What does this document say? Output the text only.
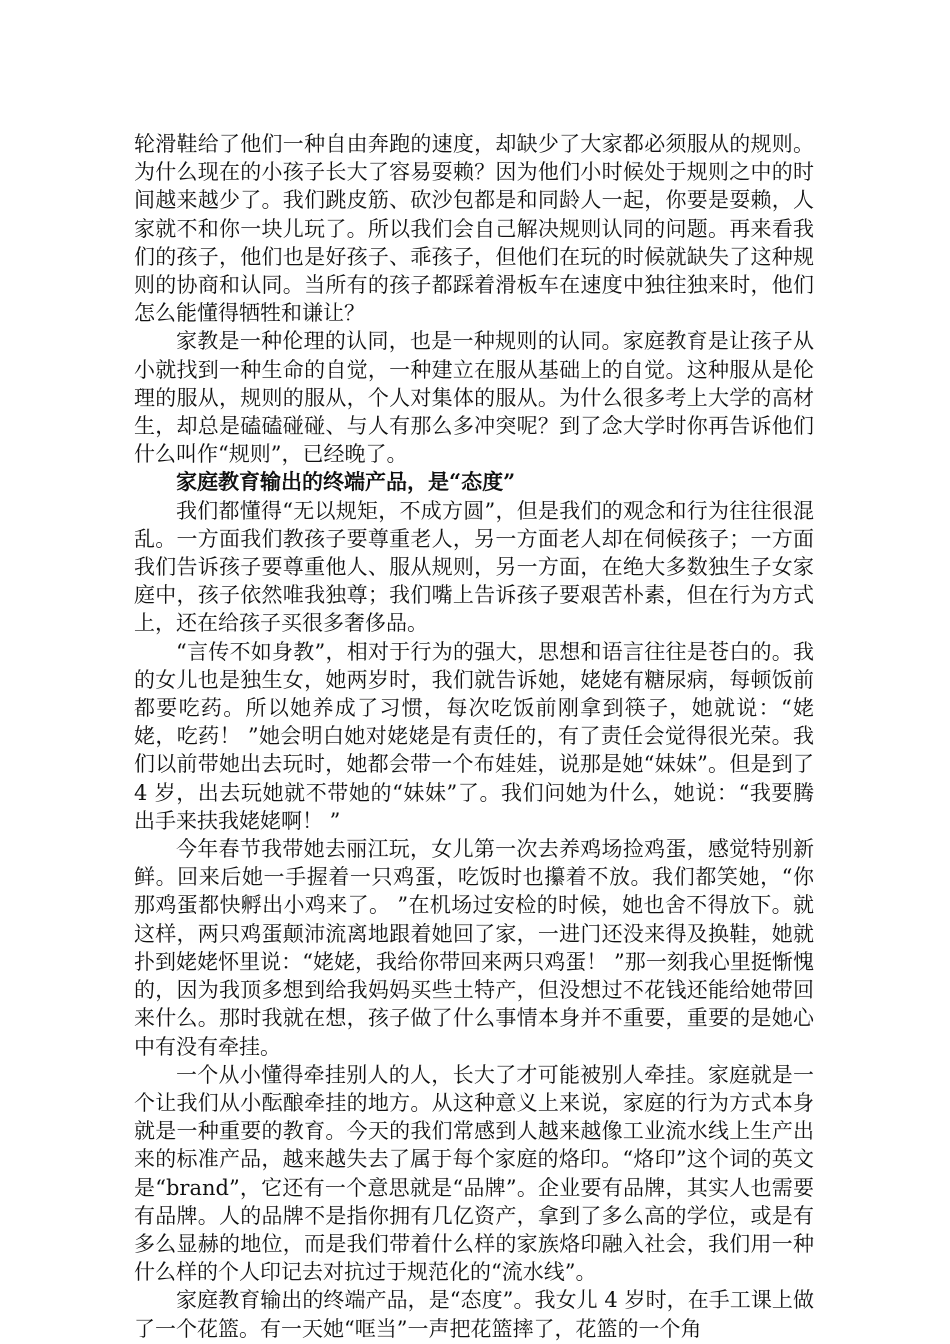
轮滑鞋给了他们一种自由奔跑的速度，却缺少了大家都必须服从的规则。为什么现在的小孩子长大了容易耍赖？因为他们小时候处于规则之中的时间越来越少了。我们跳皮筋、砍沙包都是和同龄人一起，你要是耍赖，人家就不和你一块儿玩了。所以我们会自己解决规则认同的问题。再来看我们的孩子，他们也是好孩子、乖孩子，但他们在玩的时候就缺失了这种规则的协商和认同。当所有的孩子都踩着滑板车在速度中独往独来时，他们怎么能懂得牺牲和谦让？

家教是一种伦理的认同，也是一种规则的认同。家庭教育是让孩子从小就找到一种生命的自觉，一种建立在服从基础上的自觉。这种服从是伦理的服从，规则的服从，个人对集体的服从。为什么很多考上大学的高材生，却总是磕磕碰碰、与人有那么多冲突呢？到了念大学时你再告诉他们什么叫作“规则”，已经晚了。

家庭教育输出的终端产品，是“态度”

我们都懂得“无以规矩，不成方圆”，但是我们的观念和行为往往很混乱。一方面我们教孩子要尊重老人，另一方面老人却在伺候孩子；一方面我们告诉孩子要尊重他人、服从规则，另一方面，在绝大多数独生子女家庭中，孩子依然唯我独尊；我们嘴上告诉孩子要艰苦朴素，但在行为方式上，还在给孩子买很多奢侈品。

“言传不如身教”，相对于行为的强大，思想和语言往往是苍白的。我的女儿也是独生女，她两岁时，我们就告诉她，姥姥有糖尿病，每顿饭前都要吃药。所以她养成了习惯，每次吃饭前刚拿到筷子，她就说：“姥姥，吃药！ ”她会明白她对姥姥是有责任的，有了责任会觉得很光荣。我们以前带她出去玩时，她都会带一个布娃娃，说那是她“妹妹”。但是到了 4 岁，出去玩她就不带她的“妹妹”了。我们问她为什么，她说：“我要腾出手来扶我姥姥啊！ ”

今年春节我带她去丽江玩，女儿第一次去养鸡场捡鸡蛋，感觉特别新鲜。回来后她一手握着一只鸡蛋，吃饭时也攥着不放。我们都笑她，“你那鸡蛋都快孵出小鸡来了。 ”在机场过安检的时候，她也舍不得放下。就这样，两只鸡蛋颠沛流离地跟着她回了家，一进门还没来得及换鞋，她就扑到姥姥怀里说：“姥姥，我给你带回来两只鸡蛋！ ”那一刻我心里挺惭愧的，因为我顶多想到给我妈妈买些土特产，但没想过不花钱还能给她带回来什么。那时我就在想，孩子做了什么事情本身并不重要，重要的是她心中有没有牵挂。

一个从小懂得牵挂别人的人，长大了才可能被别人牵挂。家庭就是一个让我们从小酝酿牵挂的地方。从这种意义上来说，家庭的行为方式本身就是一种重要的教育。今天的我们常感到人越来越像工业流水线上生产出来的标准产品，越来越失去了属于每个家庭的烙印。“烙印”这个词的英文是“brand”，它还有一个意思就是“品牌”。企业要有品牌，其实人也需要有品牌。人的品牌不是指你拥有几亿资产，拿到了多么高的学位，或是有多么显赫的地位，而是我们带着什么样的家族烙印融入社会，我们用一种什么样的个人印记去对抗过于规范化的“流水线”。

家庭教育输出的终端产品，是“态度”。我女儿 4 岁时，在手工课上做了一个花篮。有一天她“哐当”一声把花篮摔了，花篮的一个角
